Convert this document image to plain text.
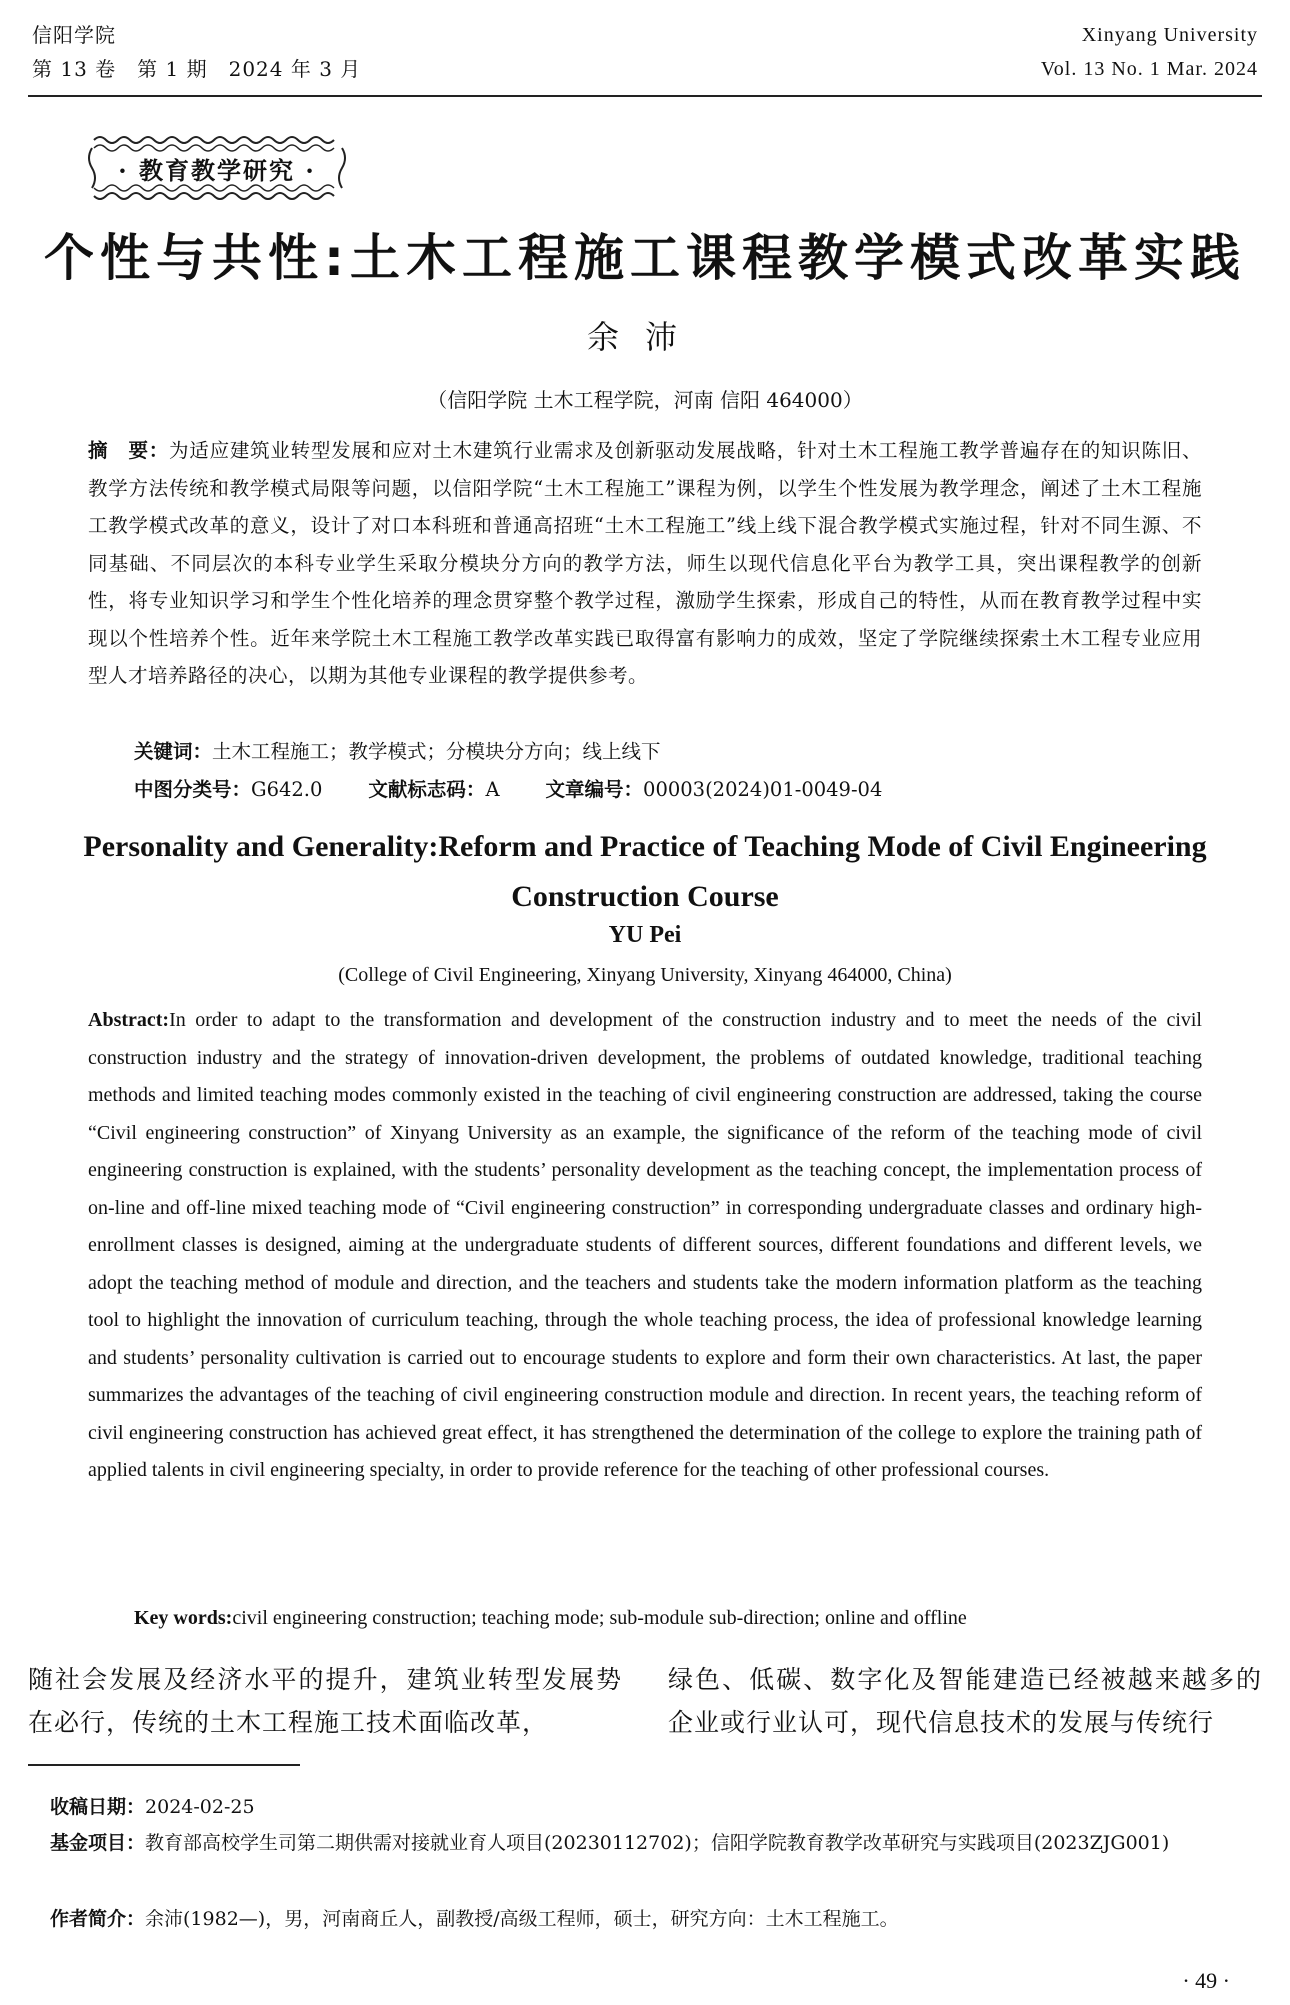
信阳学院
第 13 卷　第 1 期　2024 年 3 月
Xinyang University
Vol. 13 No. 1 Mar. 2024
· 教育教学研究 ·
个性与共性:土木工程施工课程教学模式改革实践
余沛
（信阳学院 土木工程学院，河南 信阳 464000）
摘　要：为适应建筑业转型发展和应对土木建筑行业需求及创新驱动发展战略，针对土木工程施工教学普遍存在的知识陈旧、教学方法传统和教学模式局限等问题，以信阳学院“土木工程施工”课程为例，以学生个性发展为教学理念，阐述了土木工程施工教学模式改革的意义，设计了对口本科班和普通高招班“土木工程施工”线上线下混合教学模式实施过程，针对不同生源、不同基础、不同层次的本科专业学生采取分模块分方向的教学方法，师生以现代信息化平台为教学工具，突出课程教学的创新性，将专业知识学习和学生个性化培养的理念贯穿整个教学过程，激励学生探索，形成自己的特性，从而在教育教学过程中实现以个性培养个性。近年来学院土木工程施工教学改革实践已取得富有影响力的成效，坚定了学院继续探索土木工程专业应用型人才培养路径的决心，以期为其他专业课程的教学提供参考。
关键词：土木工程施工；教学模式；分模块分方向；线上线下
中图分类号：G642.0 文献标志码：A 文章编号：00003(2024)01-0049-04
Personality and Generality:Reform and Practice of Teaching Mode of Civil Engineering Construction Course
YU Pei
(College of Civil Engineering, Xinyang University, Xinyang 464000, China)
Abstract:In order to adapt to the transformation and development of the construction industry and to meet the needs of the civil construction industry and the strategy of innovation-driven development, the problems of outdated knowledge, traditional teaching methods and limited teaching modes commonly existed in the teaching of civil engineering construction are addressed, taking the course “Civil engineering construction” of Xinyang University as an example, the significance of the reform of the teaching mode of civil engineering construction is explained, with the students’ personality development as the teaching concept, the implementation process of on-line and off-line mixed teaching mode of “Civil engineering construction” in corresponding undergraduate classes and ordinary high-enrollment classes is designed, aiming at the undergraduate students of different sources, different foundations and different levels, we adopt the teaching method of module and direction, and the teachers and students take the modern information platform as the teaching tool to highlight the innovation of curriculum teaching, through the whole teaching process, the idea of professional knowledge learning and students’ personality cultivation is carried out to encourage students to explore and form their own characteristics. At last, the paper summarizes the advantages of the teaching of civil engineering construction module and direction. In recent years, the teaching reform of civil engineering construction has achieved great effect, it has strengthened the determination of the college to explore the training path of applied talents in civil engineering specialty, in order to provide reference for the teaching of other professional courses.
Key words:civil engineering construction; teaching mode; sub-module sub-direction; online and offline
随社会发展及经济水平的提升，建筑业转型发展势在必行，传统的土木工程施工技术面临改革，
绿色、低碳、数字化及智能建造已经被越来越多的企业或行业认可，现代信息技术的发展与传统行
收稿日期：2024-02-25
基金项目：教育部高校学生司第二期供需对接就业育人项目(20230112702)；信阳学院教育教学改革研究与实践项目(2023ZJG001)
作者简介：余沛(1982—)，男，河南商丘人，副教授/高级工程师，硕士，研究方向：土木工程施工。
· 49 ·
